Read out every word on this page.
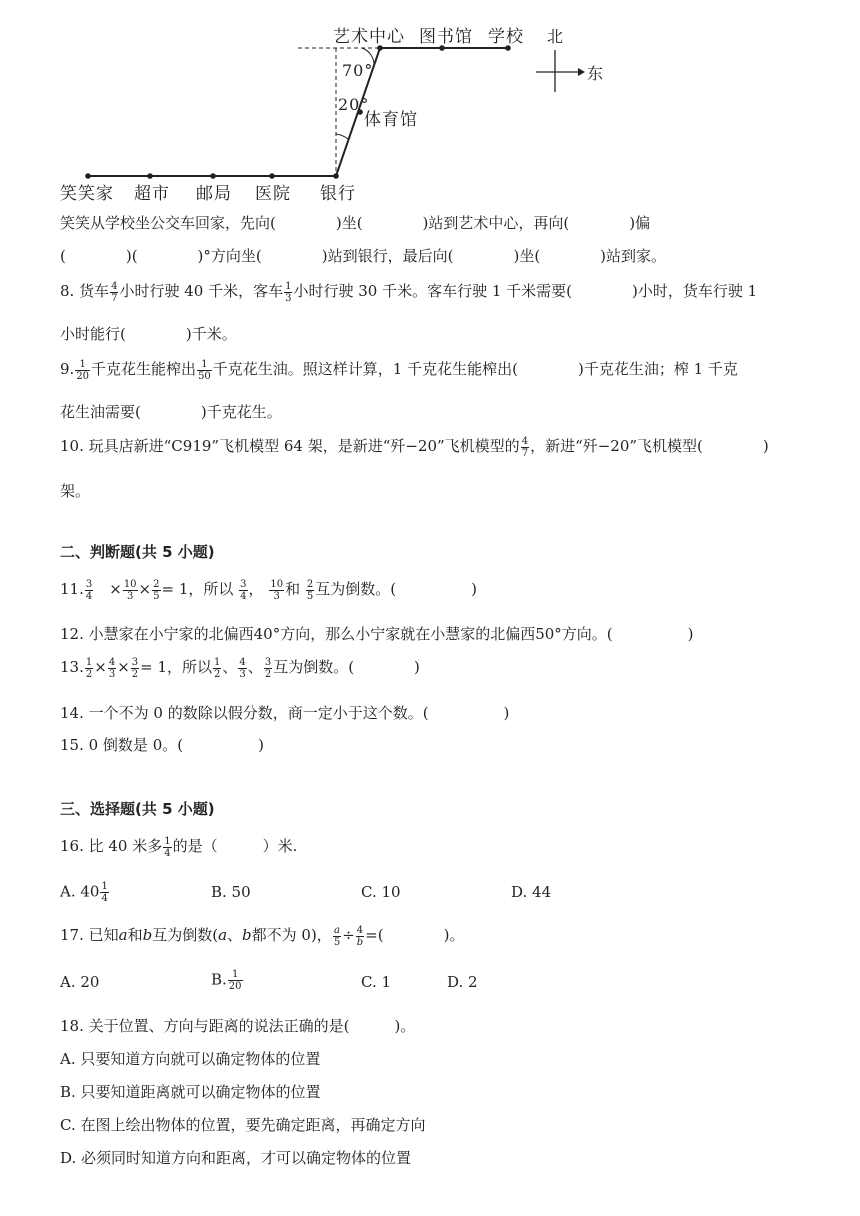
艺术中心 图书馆 学校 北
东
70°
20°
体育馆
笑笑家 超市 邮局 医院 银行
笑笑从学校坐公交车回家，先向(　　　　)坐(　　　　)站到艺术中心，再向(　　　　)偏
(　　　　)(　　　　)°方向坐(　　　　)站到银行，最后向(　　　　)坐(　　　　)站到家。
8. 货车 $\frac{4}{7}$ 小时行驶 40 千米，客车 $\frac{1}{3}$ 小时行驶 30 千米。客车行驶 1 千米需要(　　　　)小时，货车行驶 1
小时能行(　　　　)千米。
9. $\frac{1}{20}$ 千克花生能榨出 $\frac{1}{50}$ 千克花生油。照这样计算，1 千克花生能榨出(　　　　)千克花生油；榨 1 千克
花生油需要(　　　　)千克花生。
10. 玩具店新进“C919”飞机模型 64 架，是新进“歼−20”飞机模型的 $\frac{4}{7}$ ，新进“歼−20”飞机模型(　　　　)
架。
二、判断题(共 5 小题)
11. $\frac{3}{4}$ 　× $\frac{10}{3} \times \frac{2}{5} = 1$，所以 $\frac{3}{4}$ ， $\frac{10}{3}$ 和 $\frac{2}{5}$ 互为倒数。(　　　　　)
12. 小慧家在小宁家的北偏西40°方向，那么小宁家就在小慧家的北偏西50°方向。(　　　　　)
13. $\frac{1}{2} \times \frac{4}{3} \times \frac{3}{2} = 1$，所以 $\frac{1}{2}$ 、 $\frac{4}{3}$ 、 $\frac{3}{2}$ 互为倒数。(　　　　)
14. 一个不为 0 的数除以假分数，商一定小于这个数。(　　　　　)
15. 0 倒数是 0。(　　　　　)
三、选择题(共 5 小题)
16. 比 40 米多 $\frac{1}{4}$ 的是（　　　）米.
A. $40 \frac{1}{4}$	B. 50	C. 10	D. 44
17. 已知a和b互为倒数(a、b都不为 0)， $\frac{a}{5} \div \frac{4}{b}$ =(　　　　)。
A. 20	B. $\frac{1}{20}$	C. 1	D. 2
18. 关于位置、方向与距离的说法正确的是(　　　)。
A. 只要知道方向就可以确定物体的位置
B. 只要知道距离就可以确定物体的位置
C. 在图上绘出物体的位置，要先确定距离，再确定方向
D. 必须同时知道方向和距离，才可以确定物体的位置
